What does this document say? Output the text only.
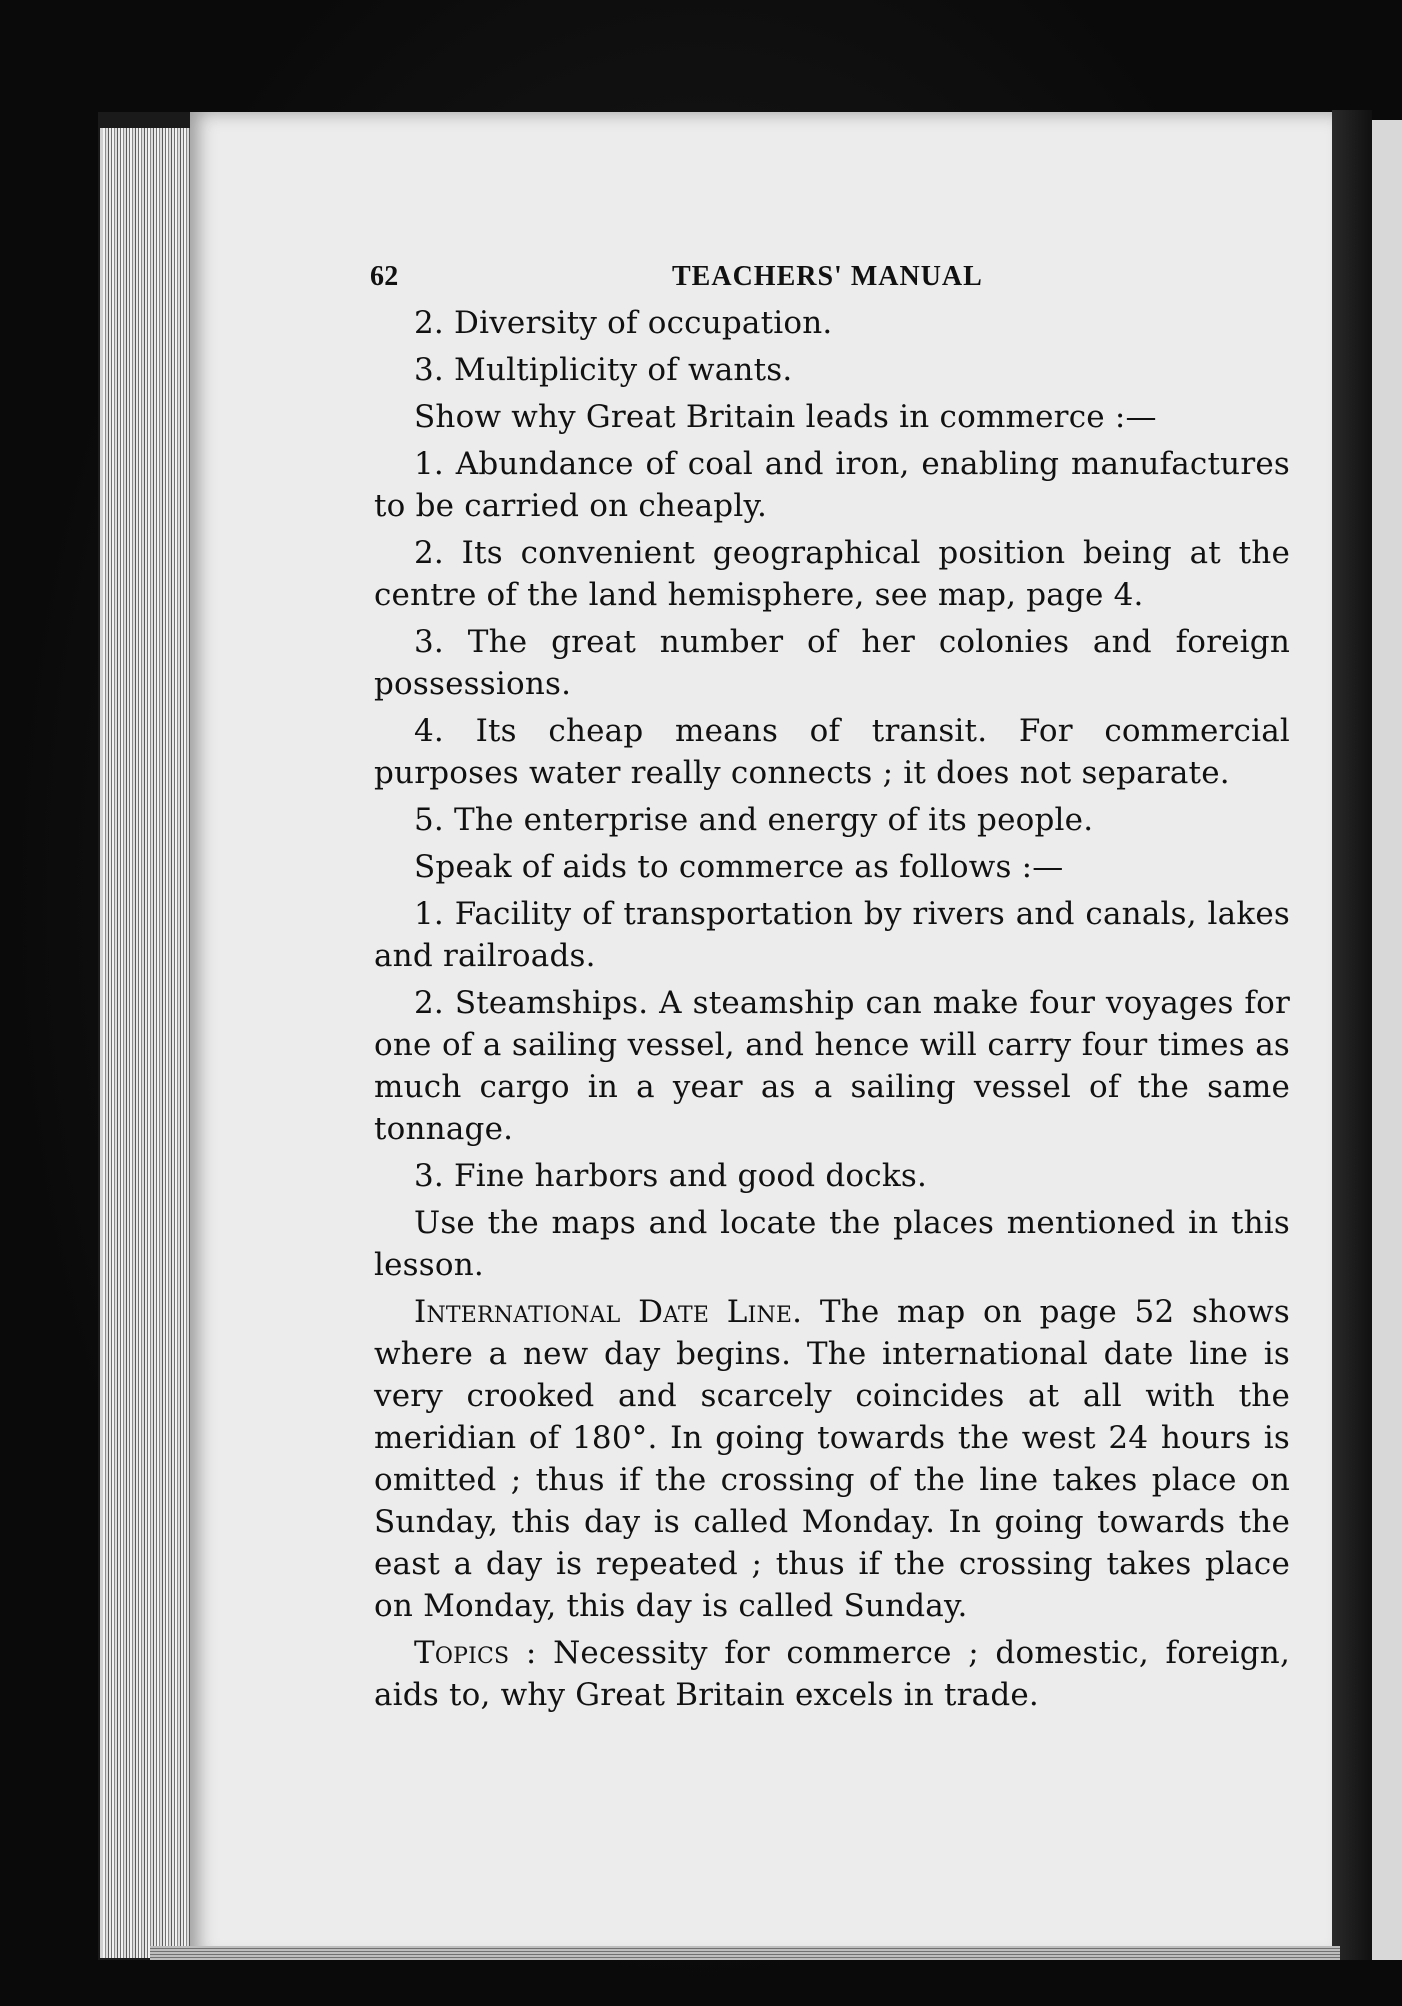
62	TEACHERS' MANUAL

2. Diversity of occupation.

3. Multiplicity of wants.

Show why Great Britain leads in commerce :—

1. Abundance of coal and iron, enabling manufactures to be carried on cheaply.

2. Its convenient geographical position being at the centre of the land hemisphere, see map, page 4.

3. The great number of her colonies and foreign possessions.

4. Its cheap means of transit. For commercial purposes water really connects ; it does not separate.

5. The enterprise and energy of its people.

Speak of aids to commerce as follows :—

1. Facility of transportation by rivers and canals, lakes and railroads.

2. Steamships. A steamship can make four voyages for one of a sailing vessel, and hence will carry four times as much cargo in a year as a sailing vessel of the same tonnage.

3. Fine harbors and good docks.

Use the maps and locate the places mentioned in this lesson.

International Date Line. The map on page 52 shows where a new day begins. The international date line is very crooked and scarcely coincides at all with the meridian of 180°. In going towards the west 24 hours is omitted ; thus if the crossing of the line takes place on Sunday, this day is called Monday. In going towards the east a day is repeated ; thus if the crossing takes place on Monday, this day is called Sunday.

Topics : Necessity for commerce ; domestic, foreign, aids to, why Great Britain excels in trade.
